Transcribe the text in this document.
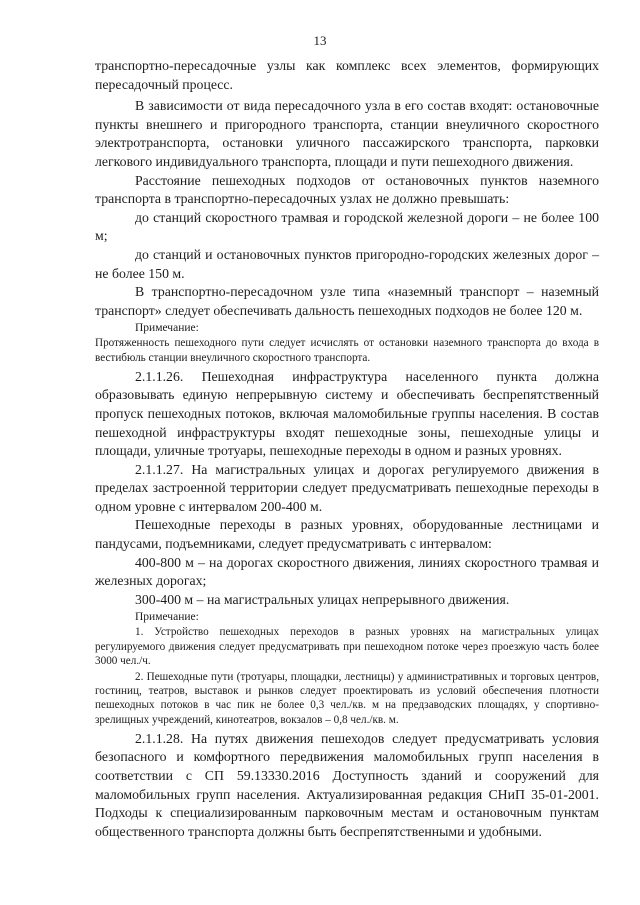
13

транспортно-пересадочные узлы как комплекс всех элементов, формирующих пересадочный процесс.

В зависимости от вида пересадочного узла в его состав входят: остановочные пункты внешнего и пригородного транспорта, станции внеуличного скоростного электротранспорта, остановки уличного пассажирского транспорта, парковки легкового индивидуального транспорта, площади и пути пешеходного движения.

Расстояние пешеходных подходов от остановочных пунктов наземного транспорта в транспортно-пересадочных узлах не должно превышать:

до станций скоростного трамвая и городской железной дороги – не более 100 м;

до станций и остановочных пунктов пригородно-городских железных дорог – не более 150 м.

В транспортно-пересадочном узле типа «наземный транспорт – наземный транспорт» следует обеспечивать дальность пешеходных подходов не более 120 м.

Примечание:

Протяженность пешеходного пути следует исчислять от остановки наземного транспорта до входа в вестибюль станции внеуличного скоростного транспорта.

2.1.1.26. Пешеходная инфраструктура населенного пункта должна образовывать единую непрерывную систему и обеспечивать беспрепятственный пропуск пешеходных потоков, включая маломобильные группы населения. В состав пешеходной инфраструктуры входят пешеходные зоны, пешеходные улицы и площади, уличные тротуары, пешеходные переходы в одном и разных уровнях.

2.1.1.27. На магистральных улицах и дорогах регулируемого движения в пределах застроенной территории следует предусматривать пешеходные переходы в одном уровне с интервалом 200-400 м.

Пешеходные переходы в разных уровнях, оборудованные лестницами и пандусами, подъемниками, следует предусматривать с интервалом:

400-800 м – на дорогах скоростного движения, линиях скоростного трамвая и железных дорогах;

300-400 м – на магистральных улицах непрерывного движения.

Примечание:

1. Устройство пешеходных переходов в разных уровнях на магистральных улицах регулируемого движения следует предусматривать при пешеходном потоке через проезжую часть более 3000 чел./ч.

2. Пешеходные пути (тротуары, площадки, лестницы) у административных и торговых центров, гостиниц, театров, выставок и рынков следует проектировать из условий обеспечения плотности пешеходных потоков в час пик не более 0,3 чел./кв. м на предзаводских площадях, у спортивно-зрелищных учреждений, кинотеатров, вокзалов – 0,8 чел./кв. м.

2.1.1.28. На путях движения пешеходов следует предусматривать условия безопасного и комфортного передвижения маломобильных групп населения в соответствии с СП 59.13330.2016 Доступность зданий и сооружений для маломобильных групп населения. Актуализированная редакция СНиП 35-01-2001. Подходы к специализированным парковочным местам и остановочным пунктам общественного транспорта должны быть беспрепятственными и удобными.
